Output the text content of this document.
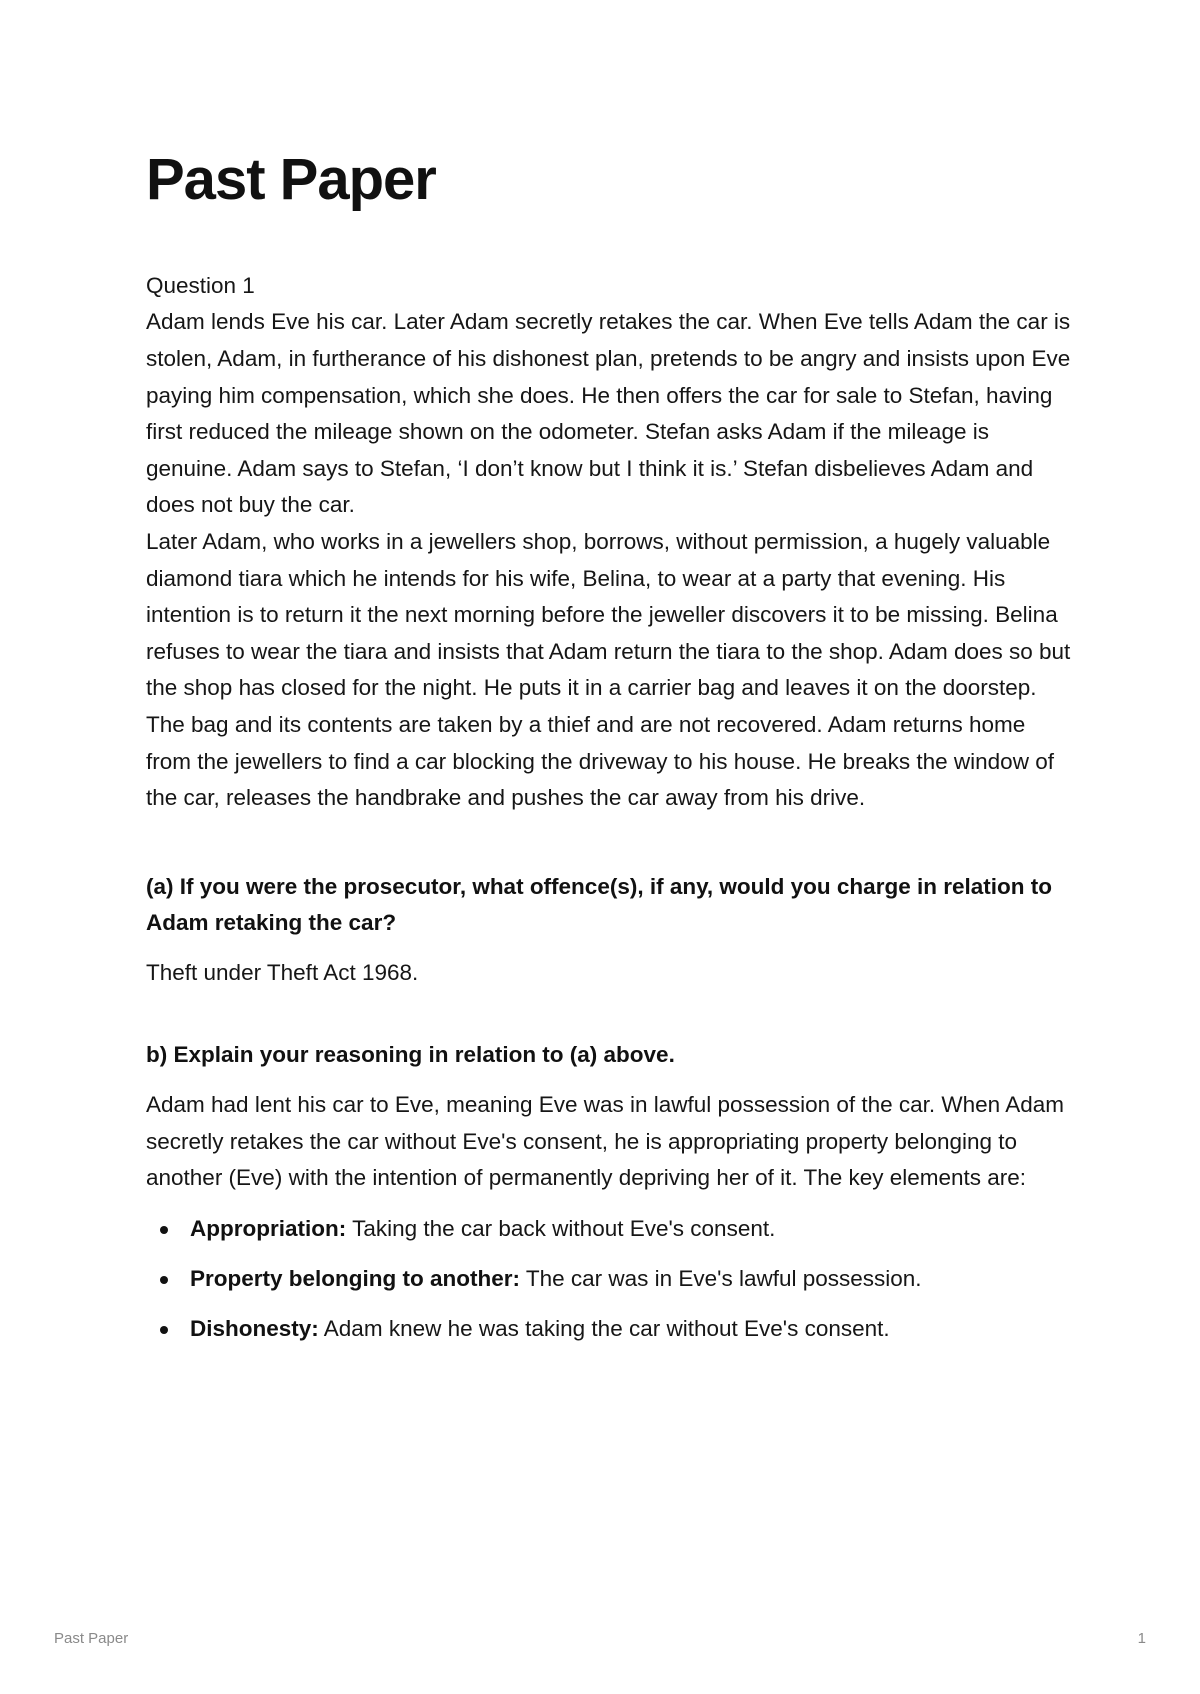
Past Paper

Question 1

Adam lends Eve his car. Later Adam secretly retakes the car. When Eve tells Adam the car is stolen, Adam, in furtherance of his dishonest plan, pretends to be angry and insists upon Eve paying him compensation, which she does. He then offers the car for sale to Stefan, having first reduced the mileage shown on the odometer. Stefan asks Adam if the mileage is genuine. Adam says to Stefan, ‘I don’t know but I think it is.’ Stefan disbelieves Adam and does not buy the car.

Later Adam, who works in a jewellers shop, borrows, without permission, a hugely valuable diamond tiara which he intends for his wife, Belina, to wear at a party that evening. His intention is to return it the next morning before the jeweller discovers it to be missing. Belina refuses to wear the tiara and insists that Adam return the tiara to the shop. Adam does so but the shop has closed for the night. He puts it in a carrier bag and leaves it on the doorstep. The bag and its contents are taken by a thief and are not recovered. Adam returns home from the jewellers to find a car blocking the driveway to his house. He breaks the window of the car, releases the handbrake and pushes the car away from his drive.

(a) If you were the prosecutor, what offence(s), if any, would you charge in relation to Adam retaking the car?

Theft under Theft Act 1968.

b) Explain your reasoning in relation to (a) above.

Adam had lent his car to Eve, meaning Eve was in lawful possession of the car. When Adam secretly retakes the car without Eve's consent, he is appropriating property belonging to another (Eve) with the intention of permanently depriving her of it. The key elements are:

Appropriation: Taking the car back without Eve's consent.
Property belonging to another: The car was in Eve's lawful possession.
Dishonesty: Adam knew he was taking the car without Eve's consent.
Past Paper	1
